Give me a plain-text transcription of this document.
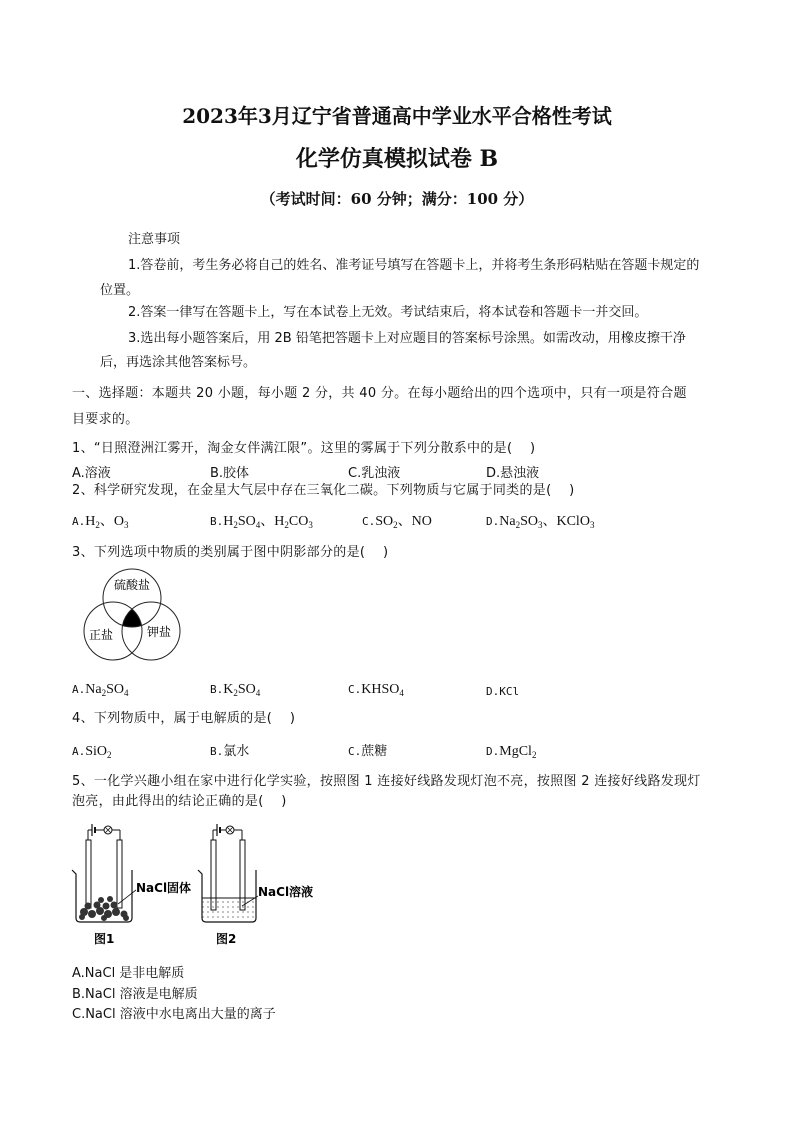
2023年3月辽宁省普通高中学业水平合格性考试
化学仿真模拟试卷 B
（考试时间：60 分钟；满分：100 分）
注意事项
1.答卷前，考生务必将自己的姓名、准考证号填写在答题卡上，并将考生条形码粘贴在答题卡规定的
位置。
2.答案一律写在答题卡上，写在本试卷上无效。考试结束后，将本试卷和答题卡一并交回。
3.选出每小题答案后，用 2B 铅笔把答题卡上对应题目的答案标号涂黑。如需改动，用橡皮擦干净
后，再选涂其他答案标号。
一、选择题：本题共 20 小题，每小题 2 分，共 40 分。在每小题给出的四个选项中，只有一项是符合题
目要求的。
1、“日照澄洲江雾开，淘金女伴满江限”。这里的雾属于下列分散系中的是(　 )
A.溶液	B.胶体	C.乳浊液	D.悬浊液
2、科学研究发现，在金星大气层中存在三氧化二碳。下列物质与它属于同类的是(　 )
$A.H_2$、$O_3$	$B.H_2SO_4$、$H_2CO_3$	$C.SO_2$、NO	$D.Na_2SO_3$、KClO$_3$
3、下列选项中物质的类别属于图中阴影部分的是(　 )
硫酸盐
正盐	钾盐
$A.Na_2SO_4$	$B.K_2SO_4$	$C.KHSO_4$	D.KCl
4、下列物质中，属于电解质的是(　 )
A.SiO$_2$	B.氯水	C.蔗糖	D.MgCl$_2$
5、一化学兴趣小组在家中进行化学实验，按照图 1 连接好线路发现灯泡不亮，按照图 2 连接好线路发现灯
泡亮，由此得出的结论正确的是(　 )
NaCl固体
图1
NaCl溶液
图2
A.NaCl 是非电解质
B.NaCl 溶液是电解质
C.NaCl 溶液中水电离出大量的离子
